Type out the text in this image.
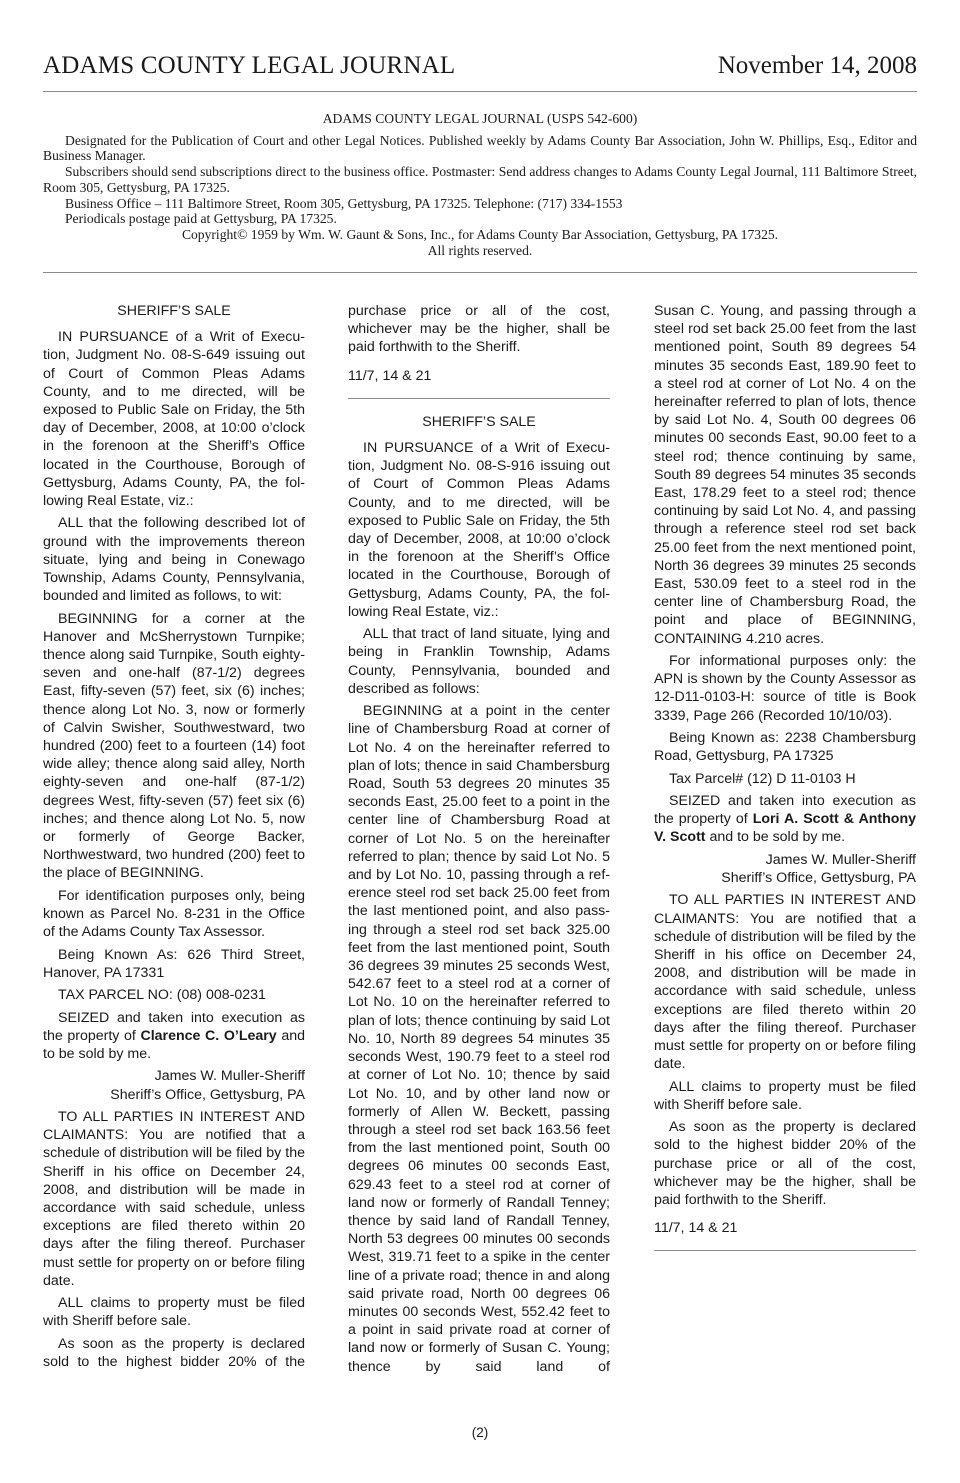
ADAMS COUNTY LEGAL JOURNAL	November 14, 2008

ADAMS COUNTY LEGAL JOURNAL (USPS 542-600)

Designated for the Publication of Court and other Legal Notices. Published weekly by Adams County Bar Association, John W. Phillips, Esq., Editor and Business Manager.

Subscribers should send subscriptions direct to the business office. Postmaster: Send address changes to Adams County Legal Journal, 111 Baltimore Street, Room 305, Gettysburg, PA 17325.

Business Office – 111 Baltimore Street, Room 305, Gettysburg, PA 17325. Telephone: (717) 334-1553

Periodicals postage paid at Gettysburg, PA 17325.

Copyright© 1959 by Wm. W. Gaunt & Sons, Inc., for Adams County Bar Association, Gettysburg, PA 17325.

All rights reserved.

SHERIFF’S SALE

IN PURSUANCE of a Writ of Execution, Judgment No. 08-S-649 issuing out of Court of Common Pleas Adams County, and to me directed, will be exposed to Public Sale on Friday, the 5th day of December, 2008, at 10:00 o’clock in the forenoon at the Sheriff’s Office located in the Courthouse, Borough of Gettysburg, Adams County, PA, the following Real Estate, viz.:

ALL that the following described lot of ground with the improvements thereon situate, lying and being in Conewago Township, Adams County, Pennsylvania, bounded and limited as follows, to wit:

BEGINNING for a corner at the Hanover and McSherrystown Turnpike; thence along said Turnpike, South eighty-seven and one-half (87-1/2) degrees East, fifty-seven (57) feet, six (6) inches; thence along Lot No. 3, now or formerly of Calvin Swisher, Southwestward, two hundred (200) feet to a fourteen (14) foot wide alley; thence along said alley, North eighty-seven and one-half (87-1/2) degrees West, fifty-seven (57) feet six (6) inches; and thence along Lot No. 5, now or formerly of George Backer, Northwestward, two hundred (200) feet to the place of BEGINNING.

For identification purposes only, being known as Parcel No. 8-231 in the Office of the Adams County Tax Assessor.

Being Known As: 626 Third Street, Hanover, PA 17331

TAX PARCEL NO: (08) 008-0231

SEIZED and taken into execution as the property of Clarence C. O’Leary and to be sold by me.

James W. Muller-Sheriff

Sheriff’s Office, Gettysburg, PA

TO ALL PARTIES IN INTEREST AND CLAIMANTS: You are notified that a schedule of distribution will be filed by the Sheriff in his office on December 24, 2008, and distribution will be made in accordance with said schedule, unless exceptions are filed thereto within 20 days after the filing thereof. Purchaser must settle for property on or before filing date.

ALL claims to property must be filed with Sheriff before sale.

As soon as the property is declared sold to the highest bidder 20% of the

purchase price or all of the cost, whichever may be the higher, shall be paid forthwith to the Sheriff.

11/7, 14 & 21

SHERIFF’S SALE

IN PURSUANCE of a Writ of Execution, Judgment No. 08-S-916 issuing out of Court of Common Pleas Adams County, and to me directed, will be exposed to Public Sale on Friday, the 5th day of December, 2008, at 10:00 o’clock in the forenoon at the Sheriff’s Office located in the Courthouse, Borough of Gettysburg, Adams County, PA, the following Real Estate, viz.:

ALL that tract of land situate, lying and being in Franklin Township, Adams County, Pennsylvania, bounded and described as follows:

BEGINNING at a point in the center line of Chambersburg Road at corner of Lot No. 4 on the hereinafter referred to plan of lots; thence in said Chambersburg Road, South 53 degrees 20 minutes 35 seconds East, 25.00 feet to a point in the center line of Chambersburg Road at corner of Lot No. 5 on the hereinafter referred to plan; thence by said Lot No. 5 and by Lot No. 10, passing through a reference steel rod set back 25.00 feet from the last mentioned point, and also passing through a steel rod set back 325.00 feet from the last mentioned point, South 36 degrees 39 minutes 25 seconds West, 542.67 feet to a steel rod at a corner of Lot No. 10 on the hereinafter referred to plan of lots; thence continuing by said Lot No. 10, North 89 degrees 54 minutes 35 seconds West, 190.79 feet to a steel rod at corner of Lot No. 10; thence by said Lot No. 10, and by other land now or formerly of Allen W. Beckett, passing through a steel rod set back 163.56 feet from the last mentioned point, South 00 degrees 06 minutes 00 seconds East, 629.43 feet to a steel rod at corner of land now or formerly of Randall Tenney; thence by said land of Randall Tenney, North 53 degrees 00 minutes 00 seconds West, 319.71 feet to a spike in the center line of a private road; thence in and along said private road, North 00 degrees 06 minutes 00 seconds West, 552.42 feet to a point in said private road at corner of land now or formerly of Susan C. Young; thence by said land of

Susan C. Young, and passing through a steel rod set back 25.00 feet from the last mentioned point, South 89 degrees 54 minutes 35 seconds East, 189.90 feet to a steel rod at corner of Lot No. 4 on the hereinafter referred to plan of lots, thence by said Lot No. 4, South 00 degrees 06 minutes 00 seconds East, 90.00 feet to a steel rod; thence continuing by same, South 89 degrees 54 minutes 35 seconds East, 178.29 feet to a steel rod; thence continuing by said Lot No. 4, and passing through a reference steel rod set back 25.00 feet from the next mentioned point, North 36 degrees 39 minutes 25 seconds East, 530.09 feet to a steel rod in the center line of Chambersburg Road, the point and place of BEGINNING, CONTAINING 4.210 acres.

For informational purposes only: the APN is shown by the County Assessor as 12-D11-0103-H: source of title is Book 3339, Page 266 (Recorded 10/10/03).

Being Known as: 2238 Chambersburg Road, Gettysburg, PA 17325

Tax Parcel# (12) D 11-0103 H

SEIZED and taken into execution as the property of Lori A. Scott & Anthony V. Scott and to be sold by me.

James W. Muller-Sheriff

Sheriff’s Office, Gettysburg, PA

TO ALL PARTIES IN INTEREST AND CLAIMANTS: You are notified that a schedule of distribution will be filed by the Sheriff in his office on December 24, 2008, and distribution will be made in accordance with said schedule, unless exceptions are filed thereto within 20 days after the filing thereof. Purchaser must settle for property on or before filing date.

ALL claims to property must be filed with Sheriff before sale.

As soon as the property is declared sold to the highest bidder 20% of the purchase price or all of the cost, whichever may be the higher, shall be paid forthwith to the Sheriff.

11/7, 14 & 21

(2)
